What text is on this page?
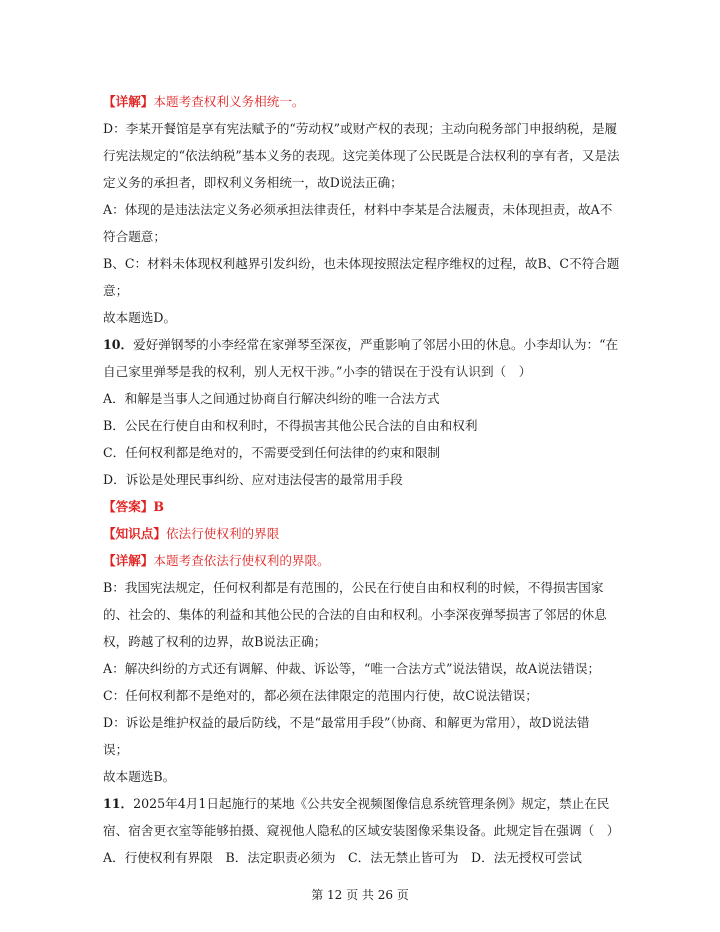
【详解】本题考查权利义务相统一。
D：李某开餐馆是享有宪法赋予的“劳动权”或财产权的表现；主动向税务部门申报纳税，是履
行宪法规定的“依法纳税”基本义务的表现。这完美体现了公民既是合法权利的享有者，又是法
定义务的承担者，即权利义务相统一，故D说法正确；
A：体现的是违法法定义务必须承担法律责任，材料中李某是合法履责，未体现担责，故A不
符合题意；
B、C：材料未体现权利越界引发纠纷，也未体现按照法定程序维权的过程，故B、C不符合题
意；
故本题选D。
10．爱好弹钢琴的小李经常在家弹琴至深夜，严重影响了邻居小田的休息。小李却认为：“在
自己家里弹琴是我的权利，别人无权干涉。”小李的错误在于没有认识到（　）
A．和解是当事人之间通过协商自行解决纠纷的唯一合法方式
B．公民在行使自由和权利时，不得损害其他公民合法的自由和权利
C．任何权利都是绝对的，不需要受到任何法律的约束和限制
D．诉讼是处理民事纠纷、应对违法侵害的最常用手段
【答案】B
【知识点】依法行使权利的界限
【详解】本题考查依法行使权利的界限。
B：我国宪法规定，任何权利都是有范围的，公民在行使自由和权利的时候，不得损害国家
的、社会的、集体的利益和其他公民的合法的自由和权利。小李深夜弹琴损害了邻居的休息
权，跨越了权利的边界，故B说法正确；
A：解决纠纷的方式还有调解、仲裁、诉讼等，“唯一合法方式”说法错误，故A说法错误；
C：任何权利都不是绝对的，都必须在法律限定的范围内行使，故C说法错误；
D：诉讼是维护权益的最后防线，不是“最常用手段”（协商、和解更为常用），故D说法错
误；
故本题选B。
11．2025年4月1日起施行的某地《公共安全视频图像信息系统管理条例》规定，禁止在民
宿、宿舍更衣室等能够拍摄、窥视他人隐私的区域安装图像采集设备。此规定旨在强调（　）
A．行使权利有界限　B．法定职责必须为　C．法无禁止皆可为　D．法无授权可尝试
第 12 页 共 26 页
